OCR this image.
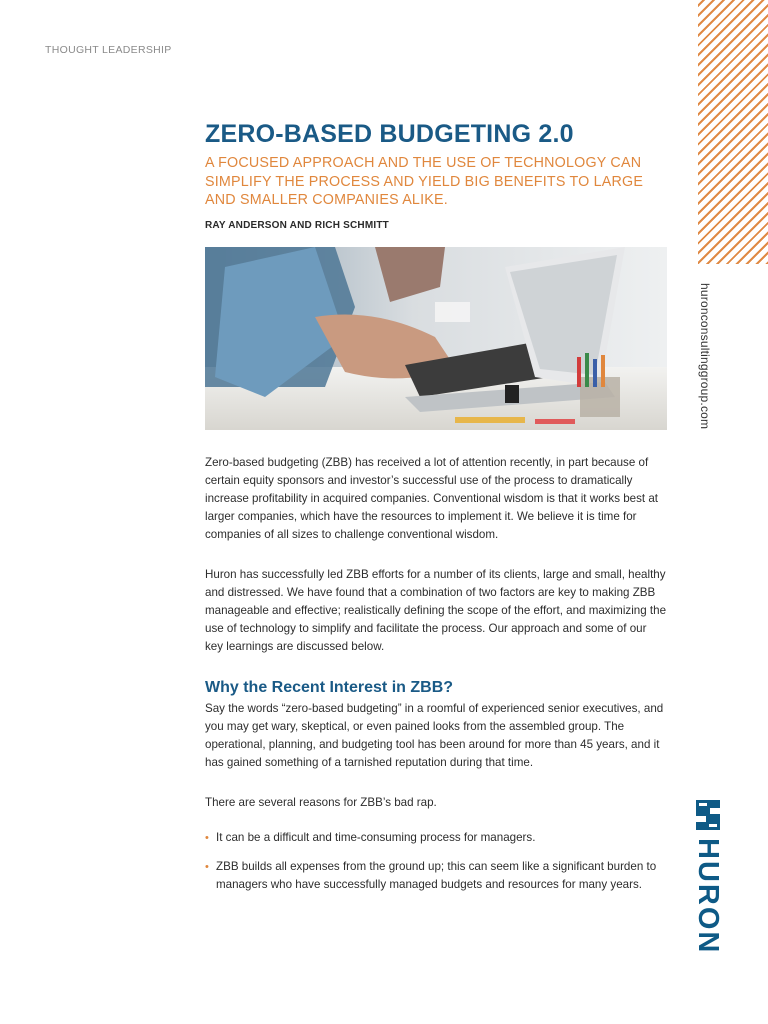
THOUGHT LEADERSHIP
huronconsultinggroup.com
HURON
ZERO-BASED BUDGETING 2.0

A FOCUSED APPROACH AND THE USE OF TECHNOLOGY CAN SIMPLIFY THE PROCESS AND YIELD BIG BENEFITS TO LARGE AND SMALLER COMPANIES ALIKE.

RAY ANDERSON AND RICH SCHMITT

Zero-based budgeting (ZBB) has received a lot of attention recently, in part because of certain equity sponsors and investor’s successful use of the process to dramatically increase profitability in acquired companies. Conventional wisdom is that it works best at larger companies, which have the resources to implement it. We believe it is time for companies of all sizes to challenge conventional wisdom.

Huron has successfully led ZBB efforts for a number of its clients, large and small, healthy and distressed. We have found that a combination of two factors are key to making ZBB manageable and effective; realistically defining the scope of the effort, and maximizing the use of technology to simplify and facilitate the process. Our approach and some of our key learnings are discussed below.

Why the Recent Interest in ZBB?

Say the words “zero-based budgeting” in a roomful of experienced senior executives, and you may get wary, skeptical, or even pained looks from the assembled group. The operational, planning, and budgeting tool has been around for more than 45 years, and it has gained something of a tarnished reputation during that time.

There are several reasons for ZBB’s bad rap.

• It can be a difficult and time-consuming process for managers.
• ZBB builds all expenses from the ground up; this can seem like a significant burden to managers who have successfully managed budgets and resources for many years.
